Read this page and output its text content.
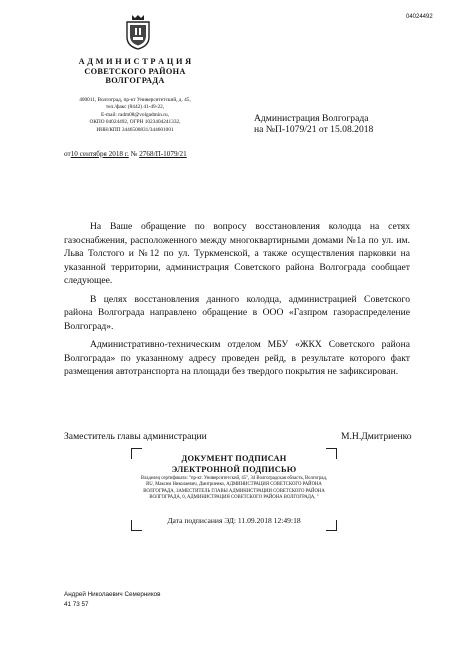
04024492
А Д М И Н И С Т Р А Ц И Я
СОВЕТСКОГО РАЙОНА
ВОЛГОГРАДА
400011, Волгоград, пр-кт Университетский, д. 45,
тел./факс (8442) 41-49-22,
E-mail: radm08@volgadmin.ru,
ОКПО 04024492, ОГРН 1023404241332,
ИНН/КПП 3446500831/344601001
Администрация Волгограда
на №П-1079/21 от 15.08.2018
от10 сентября 2018 г. № 2768/П-1079/21

На Ваше обращение по вопросу восстановления колодца на сетях газоснабжения, расположенного между многоквартирными домами №1а по ул. им. Льва Толстого и №12 по ул. Туркменской, а также осуществления парковки на указанной территории, администрация Советского района Волгограда сообщает следующее.

В целях восстановления данного колодца, администрацией Советского района Волгограда направлено обращение в ООО «Газпром газораспределение Волгоград».

Административно-техническим отделом МБУ «ЖКХ Советского района Волгограда» по указанному адресу проведен рейд, в результате которого факт размещения автотранспорта на площади без твердого покрытия не зафиксирован.

Заместитель главы администрации	М.Н.Дмитриенко
ДОКУМЕНТ ПОДПИСАН
ЭЛЕКТРОННОЙ ПОДПИСЬЮ
Владелец сертификата: "пр-кт. Университетский, 45", 34 Волгоградская область, Волгоград, RU, Максим Николаевич, Дмитриенко, АДМИНИСТРАЦИЯ СОВЕТСКОГО РАЙОНА ВОЛГОГРАДА, ЗАМЕСТИТЕЛЬ ГЛАВЫ АДМИНИСТРАЦИИ СОВЕТСКОГО РАЙОНА ВОЛГОГРАДА, 0, АДМИНИСТРАЦИЯ СОВЕТСКОГО РАЙОНА ВОЛГОГРАДА, "
Дата подписания ЭД: 11.09.2018 12:49:18
Андрей Николаевич Семерников
41 73 57
